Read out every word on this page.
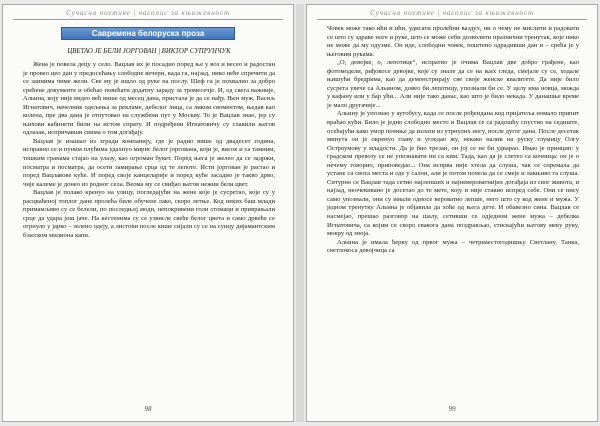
Сучасна поетике | часопис за књижевност
Савремена белоруска проза
ЦВЕТАО ЈЕ БЕЛИ ЈОРГОВАН | ВИКТОР СУПРУНЧУК

Жена је повела децу у село. Вацлав их је посадио поред ње у воз и весео и радостан је провео цео дан у предосећању слободне вечери, када га, најзад, нико неће спречити да се заинима чиме жели. Све му је ишло од руке на послу. Шеф га је похвалио за добро срећене документе и обећао повећати додатну зараду за тромесечје. И, од свега важније, Альина, коју није видео већ више од месец дана, пристала је да се нађу. Њен муж, Васиљ Игнатович, начелник одељења за рекламе, дебелог лица, са ликом своментом, њедав као колена, пре два дана је отпутовао на службени пут у Москву. То је Вацлав знао, јер су њихови кабинети били на истом спрату. И подређени Игнатовичу су славили његов одлазак, испричавши свима о том догађају.

Вацлав је изашао из згради компанију, где је радио више од двадесет година, исправно се и пуним плућима удахнуо мирис белог јоргована, који је, висок и са тамним, тешким гранама стајао на улазу, као огроман букет. Поред њега је желео да се задржи, посматра и посматра, да осети замирање срца од те лепоте. Исти јоргован је растао и поред Вацлавове куће. И поред своје канцеларије и поред куће засадио је такво дрво, чије калеме је донео из родног села. Веома му се свиђао његов нежни бели цвет.

Вацлав је полако кренуо на улицу, погледајући на жене које је сусретао, које су у расцваћеној топлог дане пролећа биле обучене лако, скоро летње. Код неких баш млади примамљиво су се белели, по последњој моди, непокривени голи стомаци и приврањали срце да удара још јаче. На кестенима су се узвисле свеће белог цвета и само дрвеће се огрнуло у јарко – зелено одеју, а листови после кише сијали су се на сунцу дијамантским бљеском милиона капи.

98
Сучасна поетике | часопис за књижевност

Човек може тако ићи и ићи, удисати пролећни ваздух, ни о чему не мислити и радовати се што су здраве ноге и руке, што се може себи дозволити празнични тренутак, које нико не може да му одузме. Он иде, слободни човек, поштено одрадивши дан и – срећа је у његовим рукама.

„О, девојке, о, лепотице“, испратио је очима Вацлав две добро грађене, као фотомодели, риђокосе девојке, које су знале да се на њих гледа, смејале су се, ходале њишући бредрима, као да демонстрирају све своје женске квалитете. Да није било сусрета увече са Альином, довео би лепотицу, упознали би се. У целу има новца, можда у кафану или у бар ући... Али није тако данас, као што је било некада. У данашње време је мало другачије...

Альину је упознао у аутобусу, када се после рођендана код пријатеља номало припит враћао кући. Било је једно слободно место и Вацлав се са радошћу спустио на седиште, осећајући како умор почиње да излази из утрнулих ногу, после дугог дана. После десетак минута он је окренуо главу и угледао жу, некако налик на руску глумицу Олгу Остроумову у младости. Да је био трезан, он јој се не би удварао. Имао је принцип: у градском превозу се не упознавати ни са ким. Тада, као да је слетео са кочница: он је о нечему говорио, приповедао... Она испрва није хтела да слуша, чак се спремала да устане са свога места и оде у салон, али је потом почела да се смеје и лакњиво га слуша. Ситурно се Вацлав тада сетио најлепших и најневероватнијих догађаја из свог живота, и најзад, неочекивано је досетао до те мете, коју и није ставио испред себе. Они се нису само упознали, они су имали односе вероватно лепше, него што су код жене и мужа. У једном тренутку Альина је објавила да хоће од њега дете. И обавезно сина. Вацлав се насмејао, прешао разговор на шалу, сетивши се одједном жене мужа – дебелка Игнатовича, са којим се скоро свакога дана поздрављао, стискајући његову меку руку, мокру од зноја.

Альина је имала ћерку од првог мужа – четрнаестогодишњу Светлану. Танка, светлокоса девојчица са

99
